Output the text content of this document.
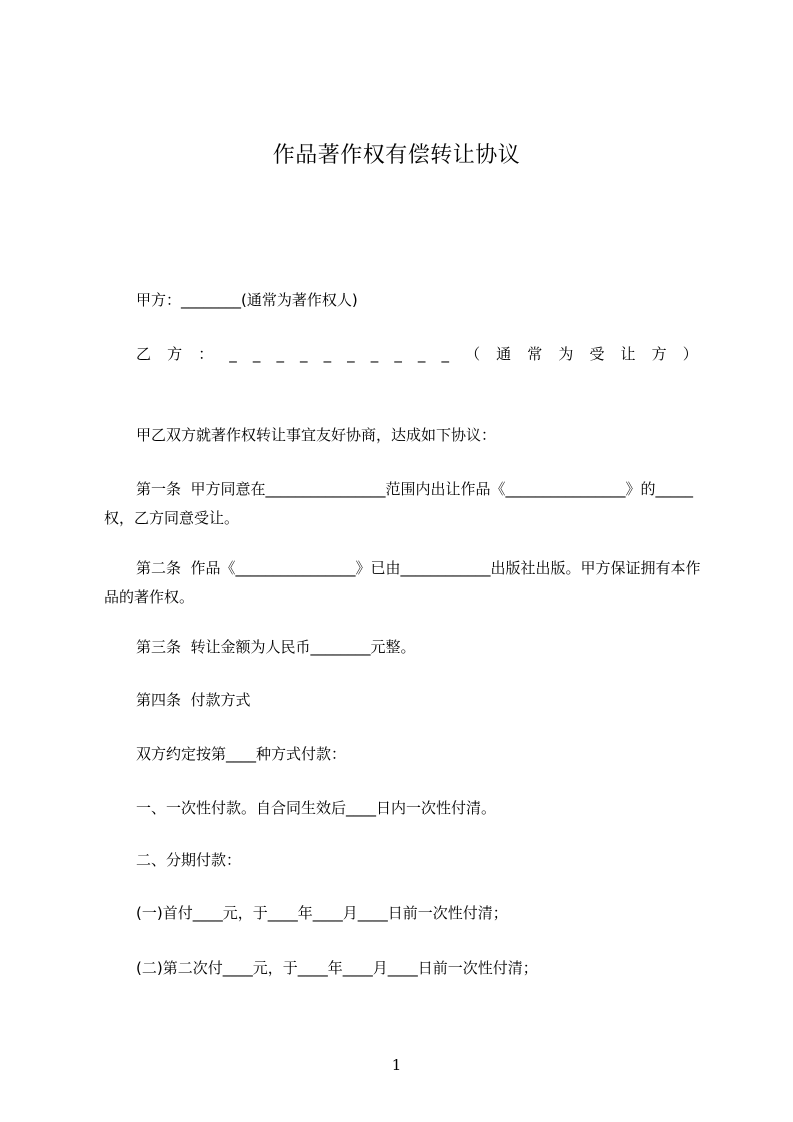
作品著作权有偿转让协议
甲方：________(通常为著作权人)
乙 方 ： _ _ _ _ _ _ _ _ _ _ （ 通 常 为 受 让 方 ）
甲乙双方就著作权转让事宜友好协商，达成如下协议：
第一条  甲方同意在________________范围内出让作品《________________》的_____权，乙方同意受让。
第二条  作品《________________》已由____________出版社出版。甲方保证拥有本作品的著作权。
第三条  转让金额为人民币________元整。
第四条  付款方式
双方约定按第____种方式付款：
一、一次性付款。自合同生效后____日内一次性付清。
二、分期付款：
(一)首付____元，于____年____月____日前一次性付清；
(二)第二次付____元，于____年____月____日前一次性付清；
1
